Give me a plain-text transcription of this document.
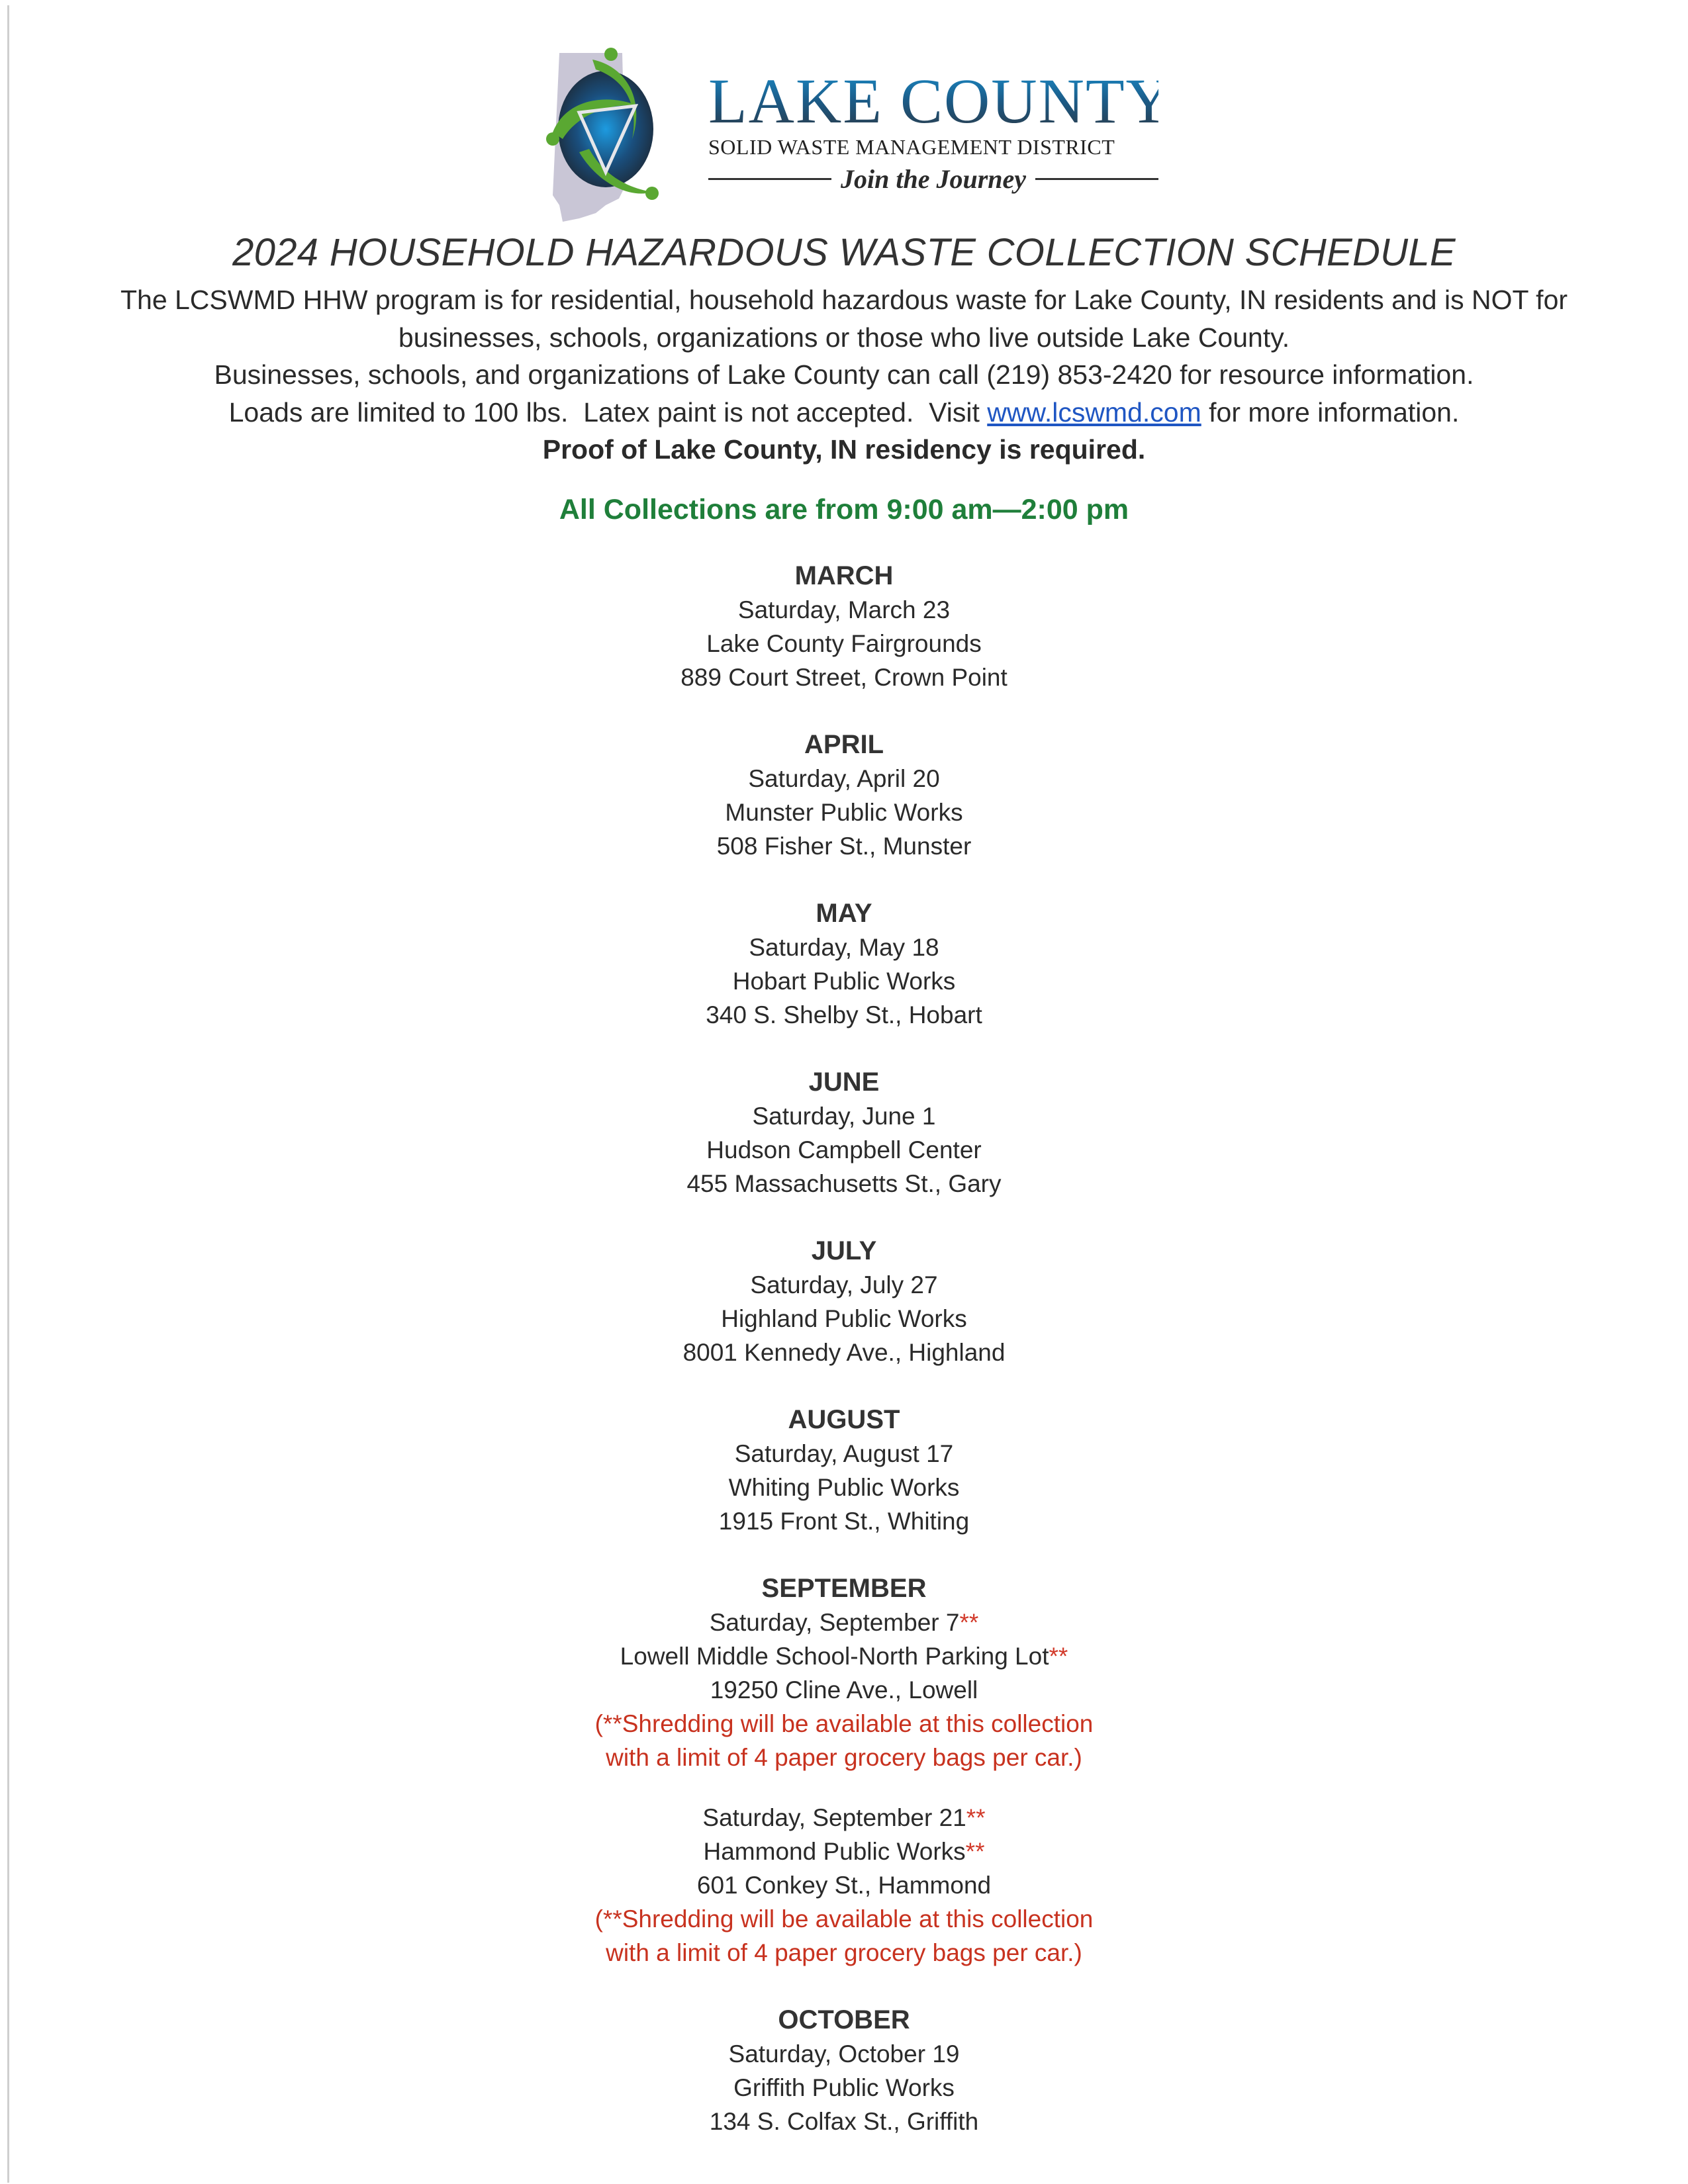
LAKE COUNTY
SOLID WASTE MANAGEMENT DISTRICT
Join the Journey
2024 HOUSEHOLD HAZARDOUS WASTE COLLECTION SCHEDULE
The LCSWMD HHW program is for residential, household hazardous waste for Lake County, IN residents and is NOT for
businesses, schools, organizations or those who live outside Lake County.
Businesses, schools, and organizations of Lake County can call (219) 853-2420 for resource information.
Loads are limited to 100 lbs.  Latex paint is not accepted.  Visit www.lcswmd.com for more information.
Proof of Lake County, IN residency is required.
All Collections are from 9:00 am—2:00 pm
MARCH
Saturday, March 23
Lake County Fairgrounds
889 Court Street, Crown Point
APRIL
Saturday, April 20
Munster Public Works
508 Fisher St., Munster
MAY
Saturday, May 18
Hobart Public Works
340 S. Shelby St., Hobart
JUNE
Saturday, June 1
Hudson Campbell Center
455 Massachusetts St., Gary
JULY
Saturday, July 27
Highland Public Works
8001 Kennedy Ave., Highland
AUGUST
Saturday, August 17
Whiting Public Works
1915 Front St., Whiting
SEPTEMBER
Saturday, September 7**
Lowell Middle School-North Parking Lot**
19250 Cline Ave., Lowell
(**Shredding will be available at this collection
with a limit of 4 paper grocery bags per car.)
Saturday, September 21**
Hammond Public Works**
601 Conkey St., Hammond
(**Shredding will be available at this collection
with a limit of 4 paper grocery bags per car.)
OCTOBER
Saturday, October 19
Griffith Public Works
134 S. Colfax St., Griffith
